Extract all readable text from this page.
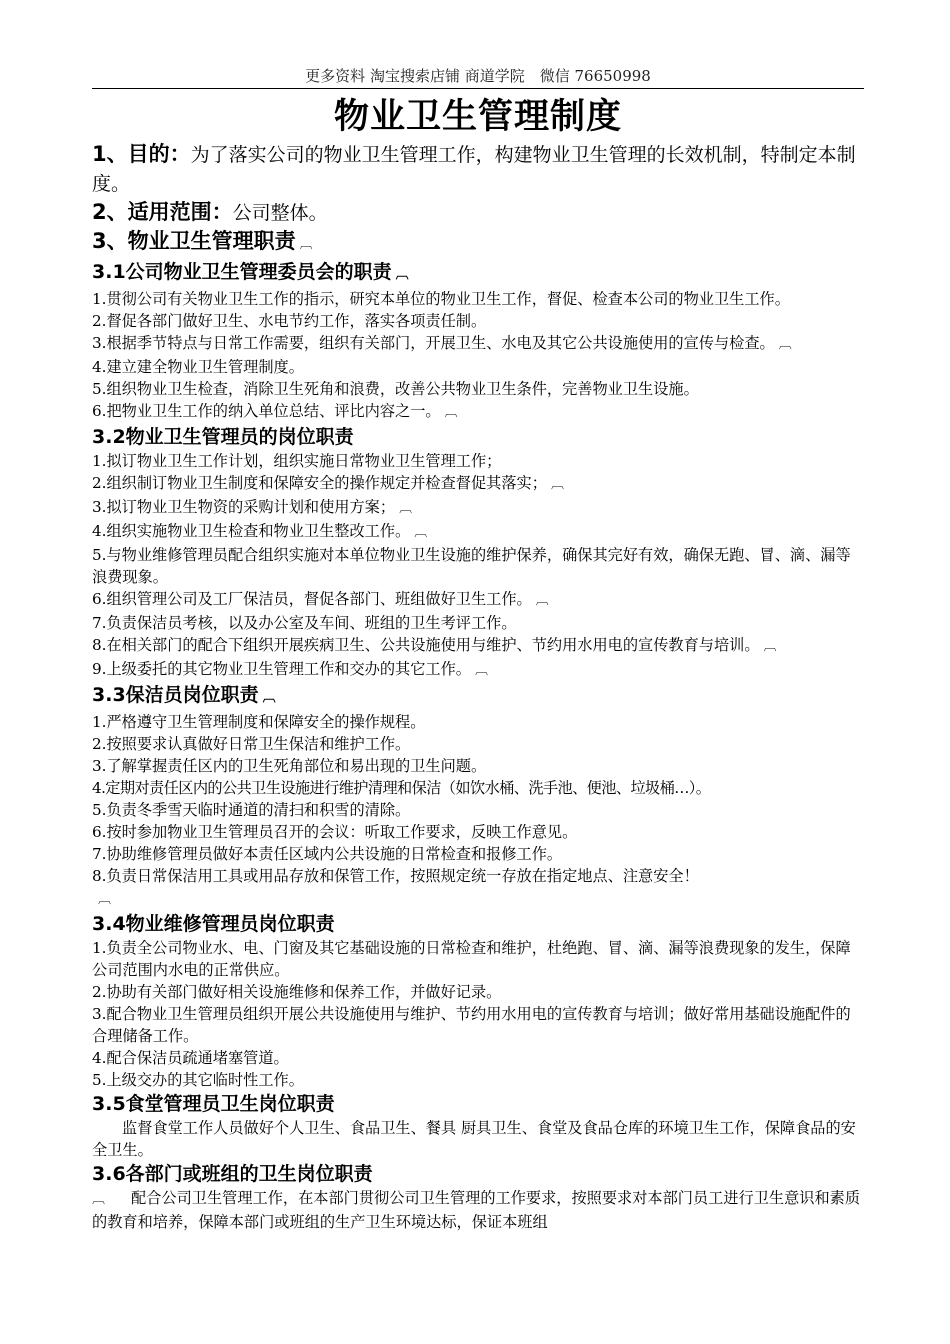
更多资料 淘宝搜索店铺 商道学院　微信 76650998
物业卫生管理制度

1、目的：为了落实公司的物业卫生管理工作，构建物业卫生管理的长效机制，特制定本制度。

2、适用范围：公司整体。

3、物业卫生管理职责 ︹

3.1公司物业卫生管理委员会的职责 ︹

1.贯彻公司有关物业卫生工作的指示，研究本单位的物业卫生工作，督促、检查本公司的物业卫生工作。

2.督促各部门做好卫生、水电节约工作，落实各项责任制。

3.根据季节特点与日常工作需要，组织有关部门，开展卫生、水电及其它公共设施使用的宣传与检查。 ︹

4.建立建全物业卫生管理制度。

5.组织物业卫生检查，消除卫生死角和浪费，改善公共物业卫生条件，完善物业卫生设施。

6.把物业卫生工作的纳入单位总结、评比内容之一。 ︹

3.2物业卫生管理员的岗位职责

1.拟订物业卫生工作计划，组织实施日常物业卫生管理工作；

2.组织制订物业卫生制度和保障安全的操作规定并检查督促其落实； ︹

3.拟订物业卫生物资的采购计划和使用方案； ︹

4.组织实施物业卫生检查和物业卫生整改工作。 ︹

5.与物业维修管理员配合组织实施对本单位物业卫生设施的维护保养，确保其完好有效，确保无跑、冒、滴、漏等浪费现象。

6.组织管理公司及工厂保洁员，督促各部门、班组做好卫生工作。 ︹

7.负责保洁员考核，以及办公室及车间、班组的卫生考评工作。

8.在相关部门的配合下组织开展疾病卫生、公共设施使用与维护、节约用水用电的宣传教育与培训。 ︹

9.上级委托的其它物业卫生管理工作和交办的其它工作。 ︹

3.3保洁员岗位职责 ︹

1.严格遵守卫生管理制度和保障安全的操作规程。

2.按照要求认真做好日常卫生保洁和维护工作。

3.了解掌握责任区内的卫生死角部位和易出现的卫生问题。

4.定期对责任区内的公共卫生设施进行维护清理和保洁（如饮水桶、洗手池、便池、垃圾桶…）。

5.负责冬季雪天临时通道的清扫和积雪的清除。

6.按时参加物业卫生管理员召开的会议：听取工作要求，反映工作意见。

7.协助维修管理员做好本责任区域内公共设施的日常检查和报修工作。

8.负责日常保洁用工具或用品存放和保管工作，按照规定统一存放在指定地点、注意安全！

︹

3.4物业维修管理员岗位职责

1.负责全公司物业水、电、门窗及其它基础设施的日常检查和维护，杜绝跑、冒、滴、漏等浪费现象的发生，保障公司范围内水电的正常供应。

2.协助有关部门做好相关设施维修和保养工作，并做好记录。

3.配合物业卫生管理员组织开展公共设施使用与维护、节约用水用电的宣传教育与培训；做好常用基础设施配件的合理储备工作。

4.配合保洁员疏通堵塞管道。

5.上级交办的其它临时性工作。

3.5食堂管理员卫生岗位职责

监督食堂工作人员做好个人卫生、食品卫生、餐具 厨具卫生、食堂及食品仓库的环境卫生工作，保障食品的安全卫生。

3.6各部门或班组的卫生岗位职责

︹ 配合公司卫生管理工作，在本部门贯彻公司卫生管理的工作要求，按照要求对本部门员工进行卫生意识和素质的教育和培养，保障本部门或班组的生产卫生环境达标，保证本班组
